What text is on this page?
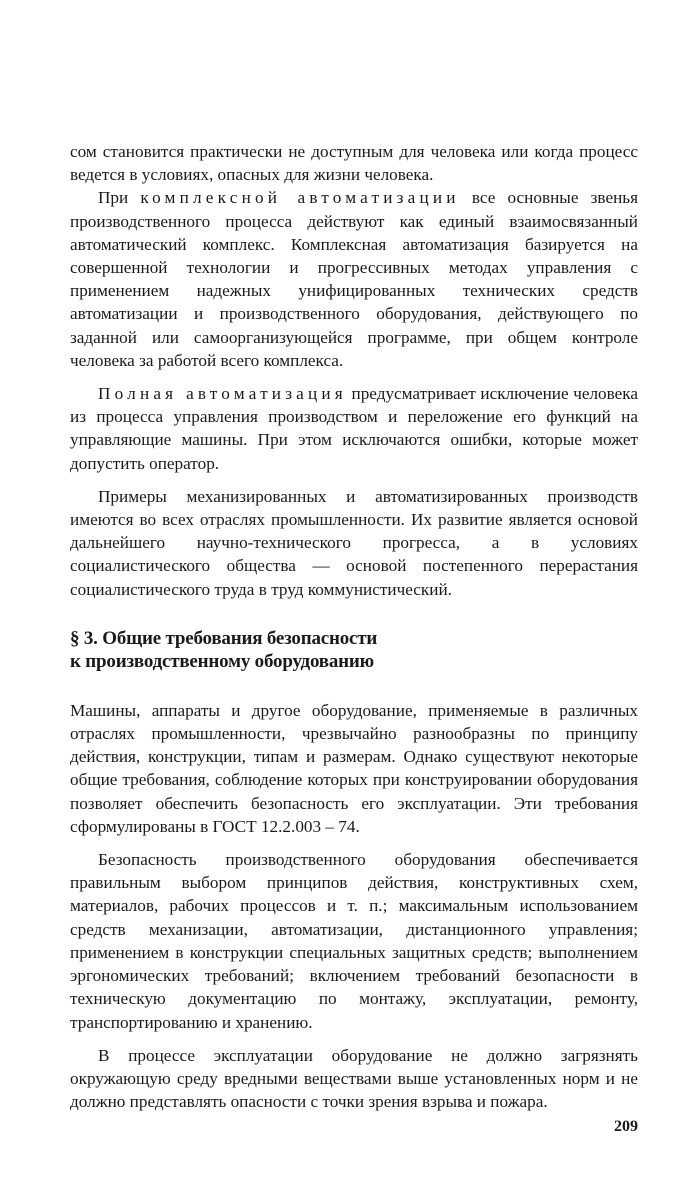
сом становится практически не доступным для человека или когда процесс ведется в условиях, опасных для жизни человека.

При комплексной автоматизации все основные звенья производственного процесса действуют как единый взаимосвязанный автоматический комплекс. Комплексная автоматизация базируется на совершенной технологии и прогрессивных методах управления с применением надежных унифицированных технических средств автоматизации и производственного оборудования, действующего по заданной или самоорганизующейся программе, при общем контроле человека за работой всего комплекса.

Полная автоматизация предусматривает исключение человека из процесса управления производством и переложение его функций на управляющие машины. При этом исключаются ошибки, которые может допустить оператор.

Примеры механизированных и автоматизированных производств имеются во всех отраслях промышленности. Их развитие является основой дальнейшего научно-технического прогресса, а в условиях социалистического общества — основой постепенного перерастания социалистического труда в труд коммунистический.

§ 3. Общие требования безопасности
к производственному оборудованию

Машины, аппараты и другое оборудование, применяемые в различных отраслях промышленности, чрезвычайно разнообразны по принципу действия, конструкции, типам и размерам. Однако существуют некоторые общие требования, соблюдение которых при конструировании оборудования позволяет обеспечить безопасность его эксплуатации. Эти требования сформулированы в ГОСТ 12.2.003 – 74.

Безопасность производственного оборудования обеспечивается правильным выбором принципов действия, конструктивных схем, материалов, рабочих процессов и т. п.; максимальным использованием средств механизации, автоматизации, дистанционного управления; применением в конструкции специальных защитных средств; выполнением эргономических требований; включением требований безопасности в техническую документацию по монтажу, эксплуатации, ремонту, транспортированию и хранению.

В процессе эксплуатации оборудование не должно загрязнять окружающую среду вредными веществами выше установленных норм и не должно представлять опасности с точки зрения взрыва и пожара.

209
